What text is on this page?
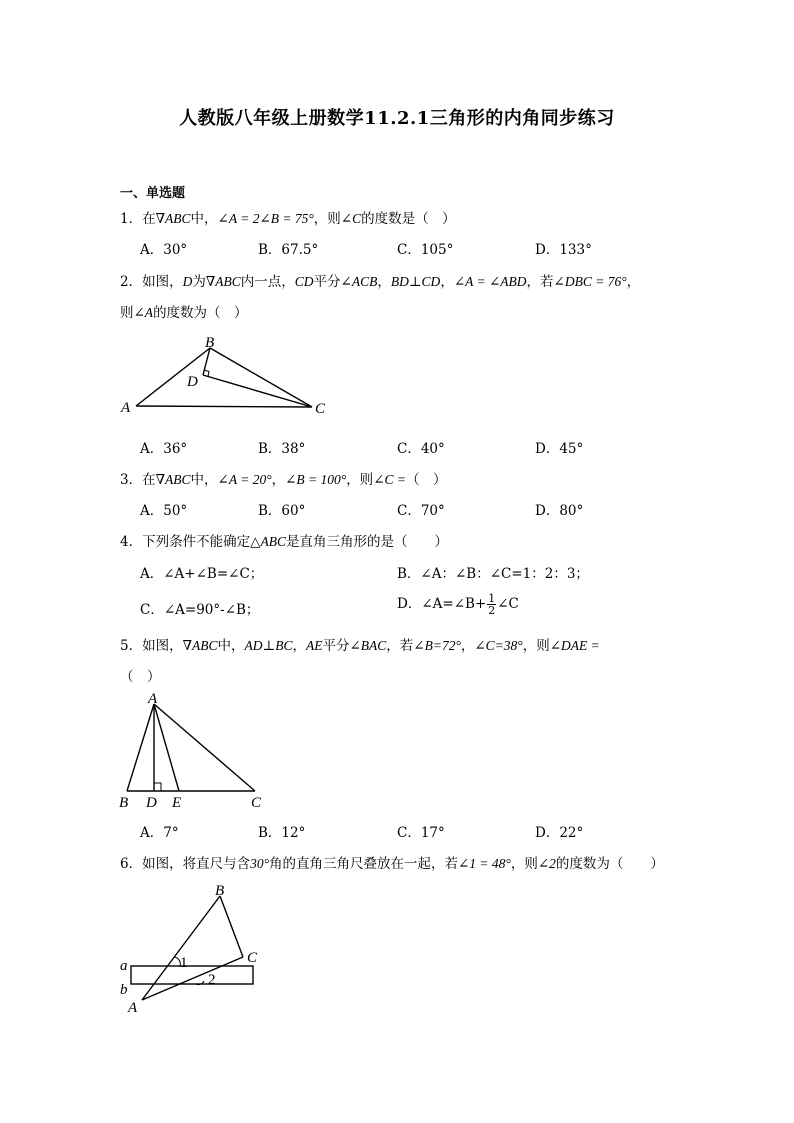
人教版八年级上册数学11.2.1三角形的内角同步练习
一、单选题
1．在∇ABC中，∠A = 2∠B = 75°，则∠C的度数是（　）
A．30°	B．67.5°	C．105°	D．133°
2．如图，D为∇ABC内一点，CD平分∠ACB，BD⊥CD，∠A = ∠ABD，若∠DBC = 76°，
则∠A的度数为（　）
B
D
A	C
A．36°	B．38°	C．40°	D．45°
3．在∇ABC中，∠A = 20°，∠B = 100°，则∠C =（　）
A．50°	B．60°	C．70°	D．80°
4．下列条件不能确定△ABC是直角三角形的是（　　）
A．∠A+∠B=∠C；	B．∠A：∠B：∠C=1：2：3；
C．∠A=90°-∠B；	D．∠A=∠B+ $\frac{1}{2}$ ∠C
5．如图，∇ABC中，AD⊥BC，AE平分∠BAC，若∠B=72°，∠C=38°，则∠DAE =
（　）
A
B D E	C
A．7°	B．12°	C．17°	D．22°
6．如图，将直尺与含30°角的直角三角尺叠放在一起，若∠1 = 48°，则∠2的度数为（　　）
B
C
a	1
2
b
A
